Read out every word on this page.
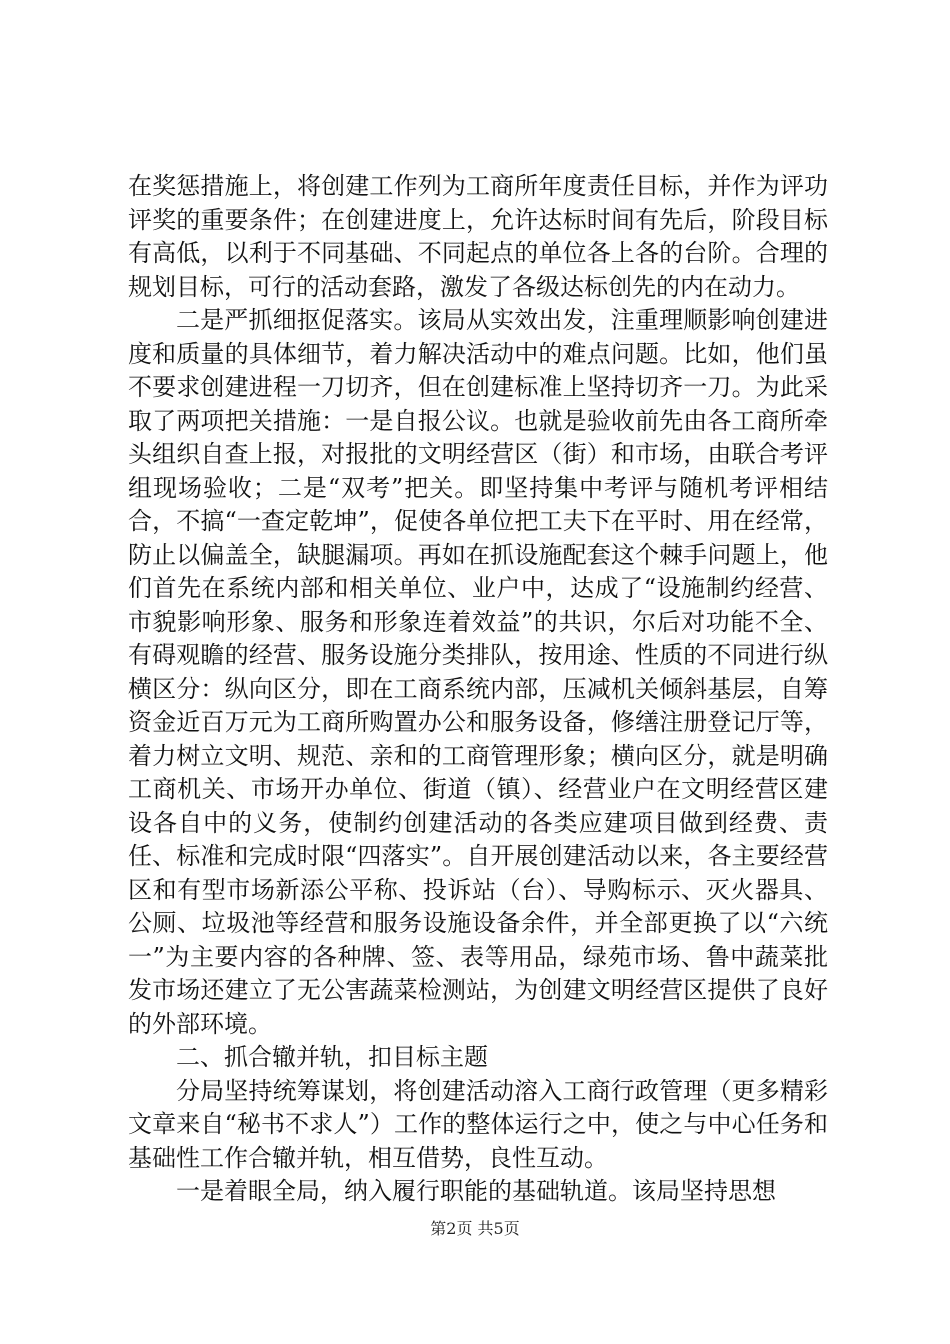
在奖惩措施上，将创建工作列为工商所年度责任目标，并作为评功评奖的重要条件；在创建进度上，允许达标时间有先后，阶段目标有高低，以利于不同基础、不同起点的单位各上各的台阶。合理的规划目标，可行的活动套路，激发了各级达标创先的内在动力。

二是严抓细抠促落实。该局从实效出发，注重理顺影响创建进度和质量的具体细节，着力解决活动中的难点问题。比如，他们虽不要求创建进程一刀切齐，但在创建标准上坚持切齐一刀。为此采取了两项把关措施：一是自报公议。也就是验收前先由各工商所牵头组织自查上报，对报批的文明经营区（街）和市场，由联合考评组现场验收；二是“双考”把关。即坚持集中考评与随机考评相结合，不搞“一查定乾坤”，促使各单位把工夫下在平时、用在经常，防止以偏盖全，缺腿漏项。再如在抓设施配套这个棘手问题上，他们首先在系统内部和相关单位、业户中，达成了“设施制约经营、市貌影响形象、服务和形象连着效益”的共识，尔后对功能不全、有碍观瞻的经营、服务设施分类排队，按用途、性质的不同进行纵横区分：纵向区分，即在工商系统内部，压减机关倾斜基层，自筹资金近百万元为工商所购置办公和服务设备，修缮注册登记厅等，着力树立文明、规范、亲和的工商管理形象；横向区分，就是明确工商机关、市场开办单位、街道（镇）、经营业户在文明经营区建设各自中的义务，使制约创建活动的各类应建项目做到经费、责任、标准和完成时限“四落实”。自开展创建活动以来，各主要经营区和有型市场新添公平称、投诉站（台）、导购标示、灭火器具、公厕、垃圾池等经营和服务设施设备余件，并全部更换了以“六统一”为主要内容的各种牌、签、表等用品，绿苑市场、鲁中蔬菜批发市场还建立了无公害蔬菜检测站，为创建文明经营区提供了良好的外部环境。

二、抓合辙并轨，扣目标主题

分局坚持统筹谋划，将创建活动溶入工商行政管理（更多精彩文章来自“秘书不求人”）工作的整体运行之中，使之与中心任务和基础性工作合辙并轨，相互借势，良性互动。

一是着眼全局，纳入履行职能的基础轨道。该局坚持思想

第2页 共5页
